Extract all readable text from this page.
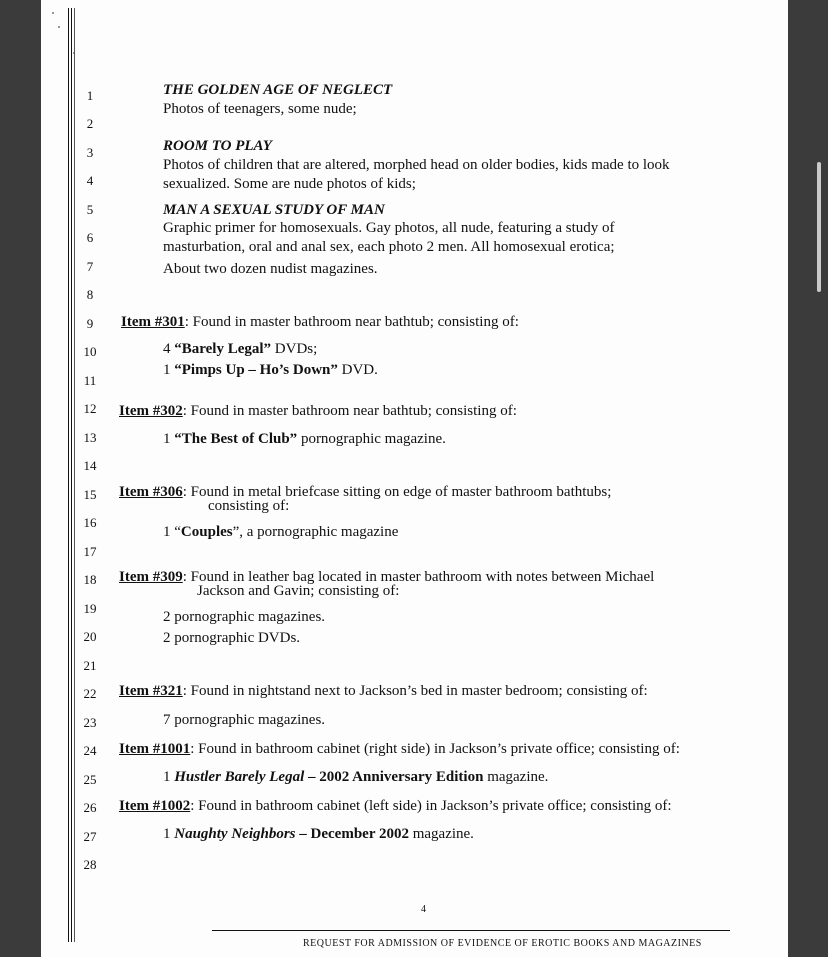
1
2
3
4
5
6
7
8
9
10
11
12
13
14
15
16
17
18
19
20
21
22
23
24
25
26
27
28
THE GOLDEN AGE OF NEGLECT
Photos of teenagers, some nude;
ROOM TO PLAY
Photos of children that are altered, morphed head on older bodies, kids made to look
sexualized. Some are nude photos of kids;
MAN A SEXUAL STUDY OF MAN
Graphic primer for homosexuals. Gay photos, all nude, featuring a study of
masturbation, oral and anal sex, each photo 2 men. All homosexual erotica;
About two dozen nudist magazines.
Item #301: Found in master bathroom near bathtub; consisting of:
4 “Barely Legal” DVDs;
1 “Pimps Up – Ho’s Down” DVD.
Item #302: Found in master bathroom near bathtub; consisting of:
1 “The Best of Club” pornographic magazine.
Item #306: Found in metal briefcase sitting on edge of master bathroom bathtubs;
consisting of:
1 “Couples”, a pornographic magazine
Item #309: Found in leather bag located in master bathroom with notes between Michael
Jackson and Gavin; consisting of:
2 pornographic magazines.
2 pornographic DVDs.
Item #321: Found in nightstand next to Jackson’s bed in master bedroom; consisting of:
7 pornographic magazines.
Item #1001: Found in bathroom cabinet (right side) in Jackson’s private office; consisting of:
1 Hustler Barely Legal – 2002 Anniversary Edition magazine.
Item #1002: Found in bathroom cabinet (left side) in Jackson’s private office; consisting of:
1 Naughty Neighbors – December 2002 magazine.
4
REQUEST FOR ADMISSION OF EVIDENCE OF EROTIC BOOKS AND MAGAZINES
